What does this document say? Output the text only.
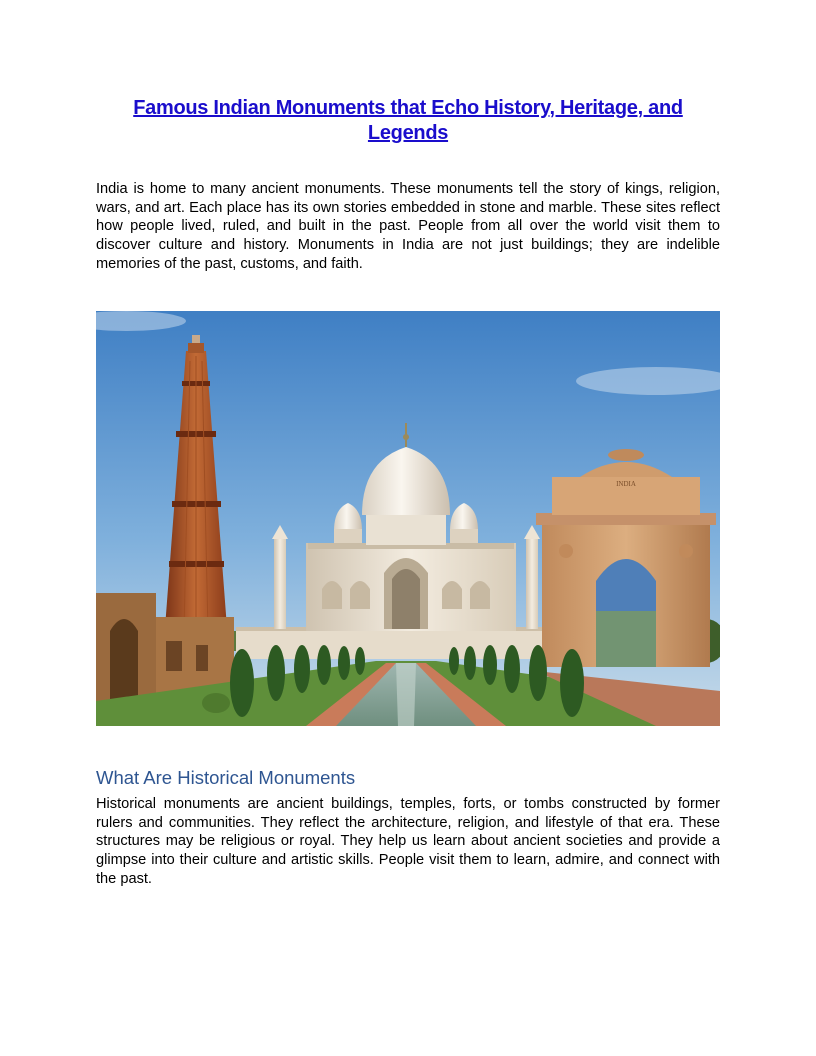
Famous Indian Monuments that Echo History, Heritage, and Legends

India is home to many ancient monuments. These monuments tell the story of kings, religion, wars, and art. Each place has its own stories embedded in stone and marble. These sites reflect how people lived, ruled, and built in the past. People from all over the world visit them to discover culture and history. Monuments in India are not just buildings; they are indelible memories of the past, customs, and faith.

INDIA
What Are Historical Monuments

Historical monuments are ancient buildings, temples, forts, or tombs constructed by former rulers and communities. They reflect the architecture, religion, and lifestyle of that era. These structures may be religious or royal. They help us learn about ancient societies and provide a glimpse into their culture and artistic skills. People visit them to learn, admire, and connect with the past.
